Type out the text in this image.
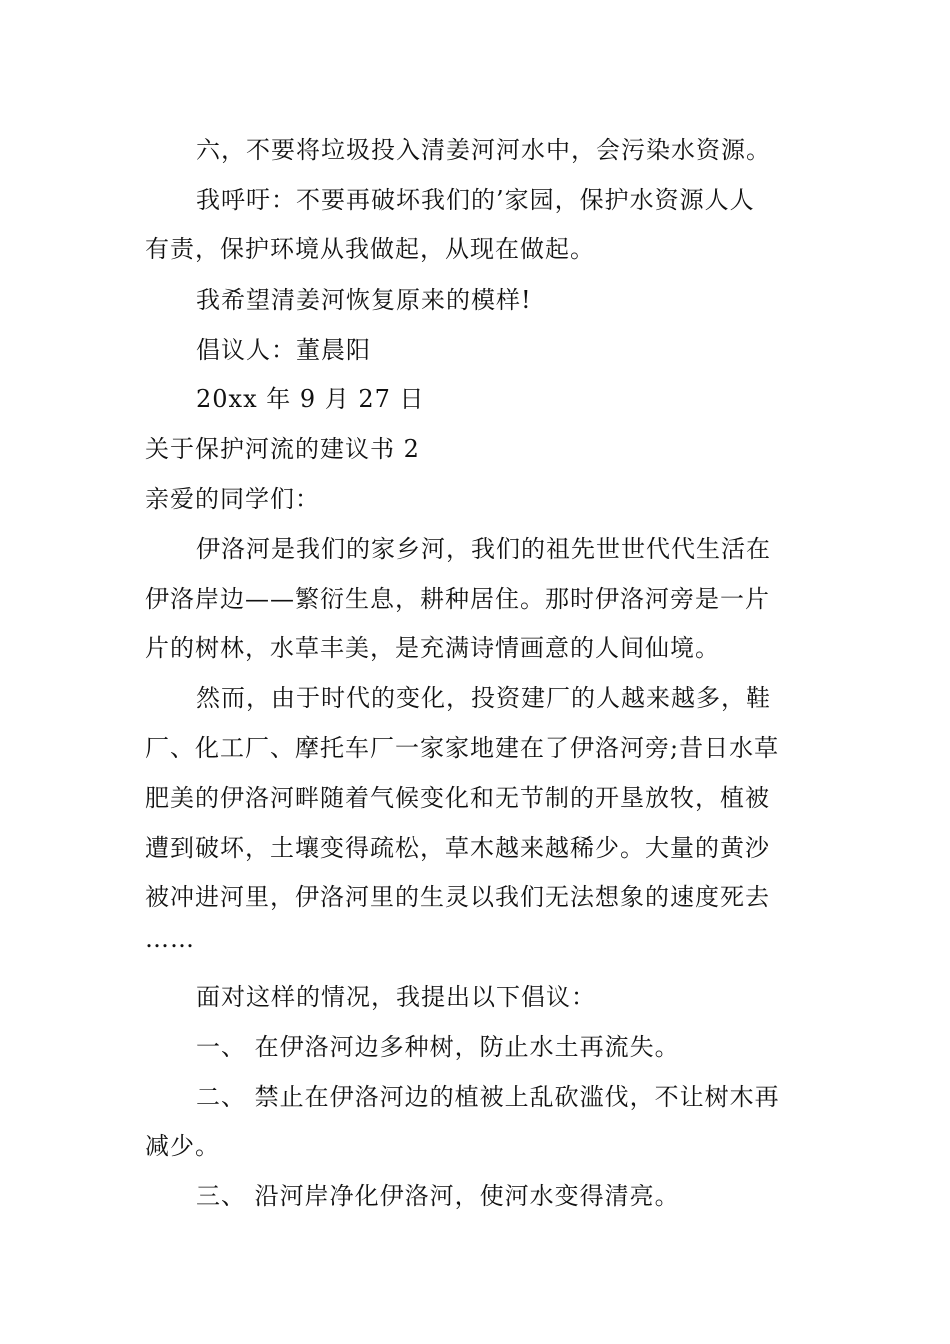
六，不要将垃圾投入清姜河河水中，会污染水资源。
我呼吁：不要再破坏我们的’家园，保护水资源人人
有责，保护环境从我做起，从现在做起。
我希望清姜河恢复原来的模样!
倡议人：董晨阳
20xx 年 9 月 27 日
关于保护河流的建议书 2
亲爱的同学们：
伊洛河是我们的家乡河，我们的祖先世世代代生活在
伊洛岸边——繁衍生息，耕种居住。那时伊洛河旁是一片
片的树林，水草丰美，是充满诗情画意的人间仙境。
然而，由于时代的变化，投资建厂的人越来越多，鞋
厂、化工厂、摩托车厂一家家地建在了伊洛河旁;昔日水草
肥美的伊洛河畔随着气候变化和无节制的开垦放牧，植被
遭到破坏，土壤变得疏松，草木越来越稀少。大量的黄沙
被冲进河里，伊洛河里的生灵以我们无法想象的速度死去
……
面对这样的情况，我提出以下倡议：
一、 在伊洛河边多种树，防止水土再流失。
二、 禁止在伊洛河边的植被上乱砍滥伐，不让树木再
减少。
三、 沿河岸净化伊洛河，使河水变得清亮。
